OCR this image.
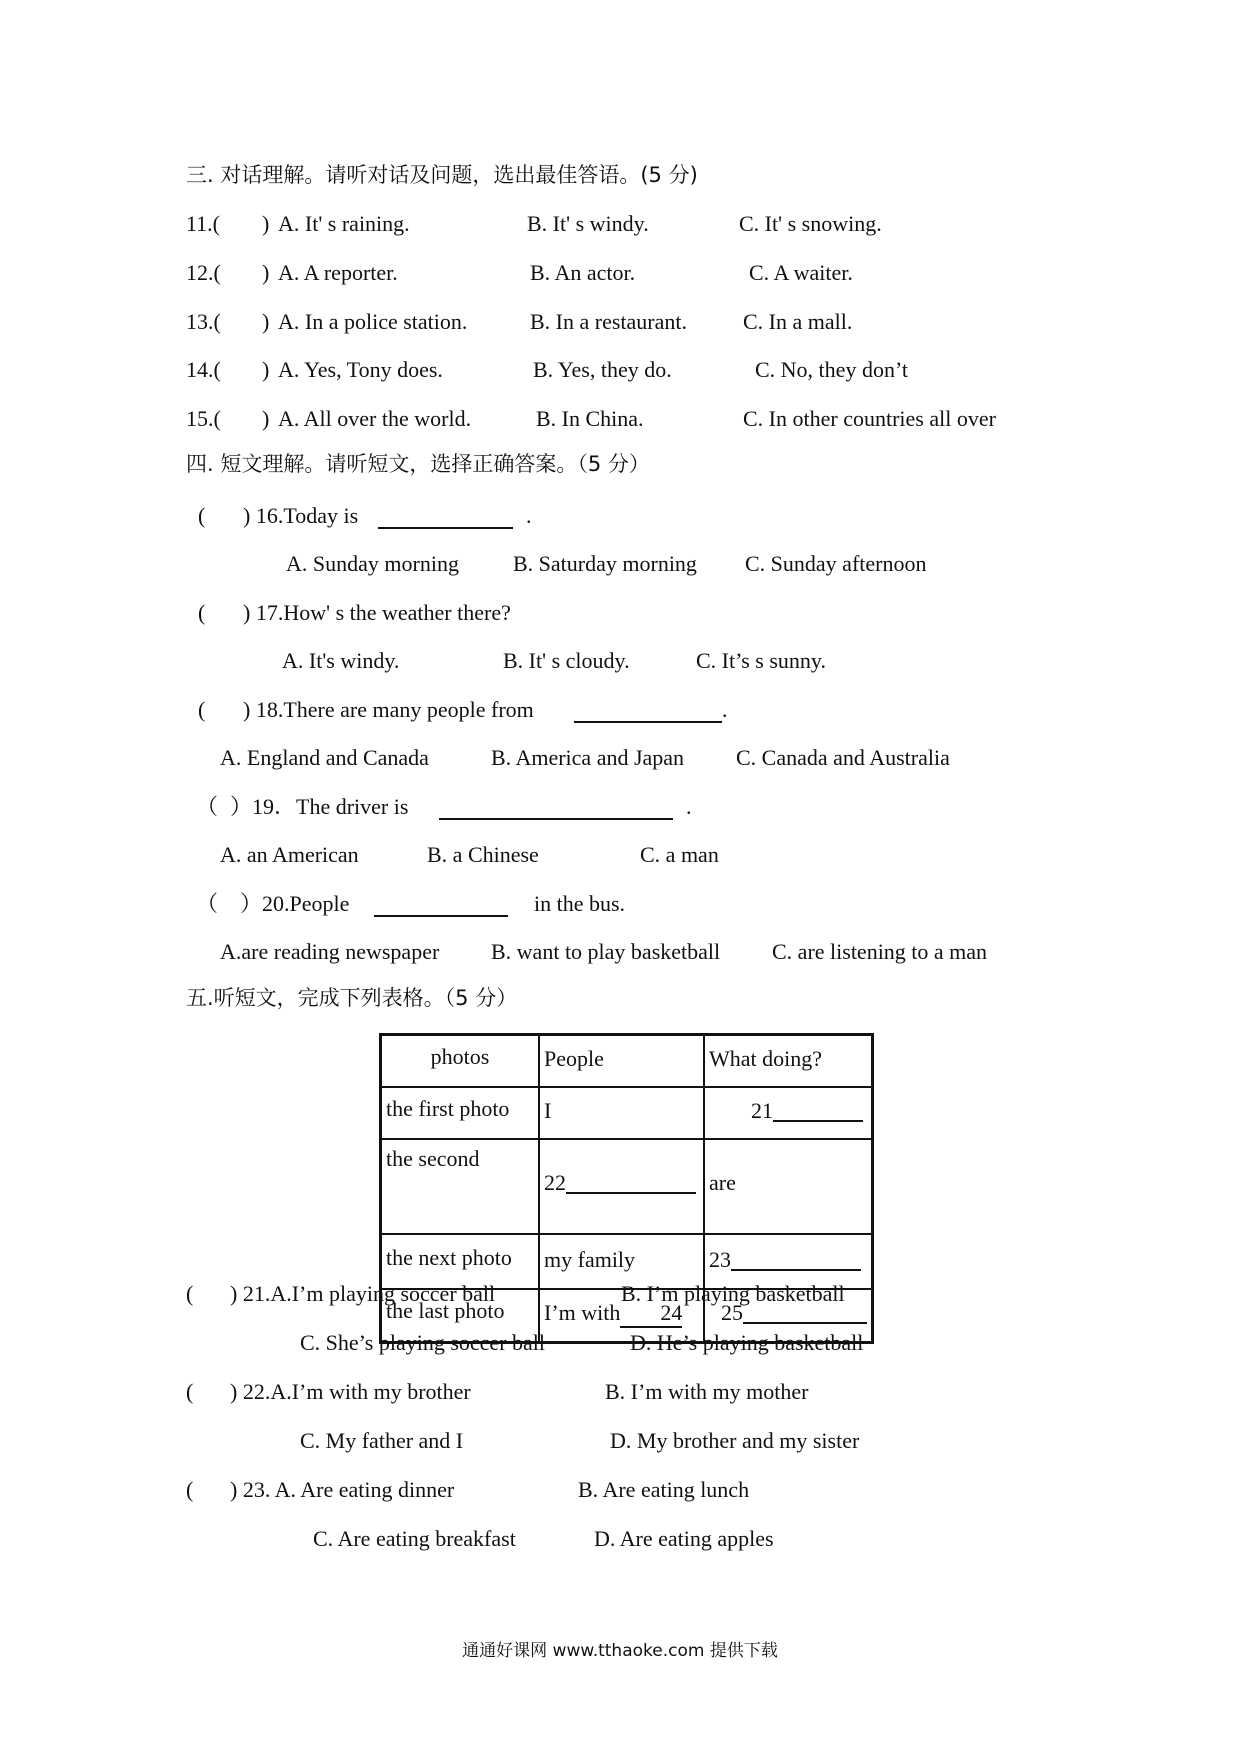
三. 对话理解。请听对话及问题，选出最佳答语。(5 分)
11.( ) A. It' s raining.	B. It' s windy.	C. It' s snowing.
12.( ) A. A reporter.	B. An actor.	C. A waiter.
13.( ) A. In a police station.	B. In a restaurant.	C. In a mall.
14.( ) A. Yes, Tony does.	B. Yes, they do.	C. No, they don’t
15.( ) A. All over the world.	B. In China.	C. In other countries all over
四. 短文理解。请听短文，选择正确答案。（5 分）
( ) 16.Today is	.
A. Sunday morning B. Saturday morning C. Sunday afternoon
( ) 17.How' s the weather there?
A. It's windy.	B. It' s cloudy.	C. It’s s sunny.
( ) 18.There are many people from	.
A. England and Canada	B. America and Japan C. Canada and Australia
（ ）19．The driver is	.
A. an American	B. a Chinese	C. a man
（ ）20.People	in the bus.
A.are reading newspaper B. want to play basketball C. are listening to a man
五.听短文，完成下列表格。（5 分）
photos	People	What doing?
the first photo	I	21
the second	22	are
the next photo	my family	23
the last photo	I’m with 24	25
( ) 21.A.I’m playing soccer ball	B. I’m playing basketball
C. She’s playing soccer ball	D. He’s playing basketball
( ) 22.A.I’m with my brother	B. I’m with my mother
C. My father and I	D. My brother and my sister
( ) 23. A. Are eating dinner	B. Are eating lunch
C. Are eating breakfast	D. Are eating apples
通通好课网 www.tthaoke.com 提供下载
